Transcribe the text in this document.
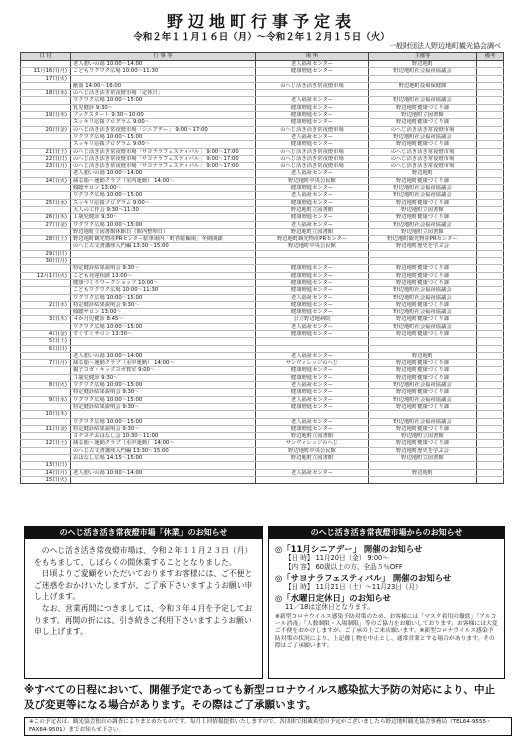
野辺地町行事予定表
令和２年１１月１６日（月）～令和２年１２月１５日（火）
一般財団法人野辺地町観光協会調べ
日 付	行 事 等	場 所	主催等	備考
	老人憩いの湯 10:00～14:00	老人福祉センター	野辺地町	
11月16日(月)	こどもワクワク広場 10:00～11:30	健康増進センター	野辺地町社会福祉協議会	
17日(火)				
	献血 14:00～16:00	のへじ活き活き常夜燈市場	野辺地町役場保健課	
18日(水)	のへじ活き活き常夜燈市場「定休日」			
	ワクワク広場 10:00～15:00	老人福祉センター	野辺地町社会福祉協議会	
	乳児健診 9:30～	健康増進センター	野辺地町健康づくり課	
19日(木)	ブックスタート 9:30～10:00	健康増進センター	野辺地町立図書館	
	スッキリ応援プログラム 9:00～	健康増進センター	野辺地町健康づくり課	
20日(金)	のへじ活き活き常夜燈市場「シニアデー」 9:00～17:00	のへじ活き活き常夜燈市場	のへじ活き活き常夜燈市場	
	ワクワク広場 10:00～15:00	老人福祉センター	野辺地町社会福祉協議会	
	スッキリ応援プログラム 9:00～	健康増進センター	野辺地町健康づくり課	
21日(土)	のへじ活き活き常夜燈市場「サヨナラフェスティバル」 9:00～17:00	のへじ活き活き常夜燈市場	のへじ活き活き常夜燈市場	
22日(日)	のへじ活き活き常夜燈市場「サヨナラフェスティバル」 9:00～17:00	のへじ活き活き常夜燈市場	のへじ活き活き常夜燈市場	
23日(月)	のへじ活き活き常夜燈市場「サヨナラフェスティバル」 9:00～17:00	のへじ活き活き常夜燈市場	のへじ活き活き常夜燈市場	
	老人憩いの湯 10:00～14:00	老人福祉センター	野辺地町	
24日(火)	減る脂～運動クラブ（室内運動） 14:00～	野辺地町中央公民館	野辺地町健康づくり課	
	傾聴サロン 13:00～	健康増進センター	野辺地町社会福祉協議会	
	ワクワク広場 10:00～15:00	老人福祉センター	野辺地町社会福祉協議会	
25日(水)	スッキリ応援プログラム 9:00～	健康増進センター	野辺地町健康づくり課	
	大人の工作会 9:30～11:30	野辺地町立図書館	野辺地町立図書館	
26日(木)	１歳児健診 9:30～	健康増進センター	野辺地町健康づくり課	
27日(金)	ワクワク広場 10:00～15:00	老人福祉センター	野辺地町社会福祉協議会	
	野辺地町立図書館休館日（館内整理日）	野辺地町立図書館	野辺地町立図書館	
28日(土)	野辺地町観光物産PRセンター駐車場内「町営駐輪場」冬期閉鎖	野辺地町観光物産PRセンター	野辺地町観光物産PRセンター	
	のへじ古文書講座入門編 13:30～15:00	野辺地町中央公民館	野辺地町歴史を学ぶ会	
29日(日)				
30日(月)				
	特定健診結果説明会 9:30～	健康増進センター	野辺地町健康づくり課	
12月1日(火)	こども発達相談 13:00～	健康増進センター	野辺地町健康づくり課	
	健康づくりワークショップ 10:00～	健康増進センター	野辺地町健康づくり課	
	こどもワクワク広場 10:00～11:30	健康増進センター	野辺地町社会福祉協議会	
	ワクワク広場 10:00～15:00	老人福祉センター	野辺地町社会福祉協議会	
2日(水)	特定健診結果説明会 9:30～	健康増進センター	野辺地町健康づくり課	
	傾聴サロン 13:00～	健康増進センター	野辺地町社会福祉協議会	
3日(木)	４か月児健診 8:45～	公立野辺地病院	野辺地町健康づくり課	
	ワクワク広場 10:00～15:00	老人福祉センター	野辺地町社会福祉協議会	
4日(金)	すくすくサロン 13:30～	健康増進センター	野辺地町健康づくり課	
5日(土)				
6日(日)				
	老人憩いの湯 10:00～14:00	老人福祉センター	野辺地町	
7日(月)	減る脂～運動クラブ（水中運動） 14:00～	サンヴィレッジのへじ	野辺地町健康づくり課	
	親子ヨガ・キッズヨガ教室 9:00～	健康増進センター	野辺地町健康づくり課	
	３歳児健診 9:30～	健康増進センター	野辺地町健康づくり課	
8日(火)	ワクワク広場 10:00～15:00	老人福祉センター	野辺地町社会福祉協議会	
	特定健診結果説明会 9:30～	健康増進センター	野辺地町健康づくり課	
9日(水)	ワクワク広場 10:00～15:00	老人福祉センター	野辺地町社会福祉協議会	
	特定健診結果説明会 9:30～	健康増進センター	野辺地町健康づくり課	
10日(木)				
	ワクワク広場 10:00～15:00	老人福祉センター	野辺地町社会福祉協議会	
11日(金)	特定健診結果説明会 9:30～	健康増進センター	野辺地町健康づくり課	
	ヨチヨチおはなし会 10:30～11:00	野辺地町立図書館	野辺地町立図書館	
12日(土)	減る脂～運動クラブ（水中運動） 14:00～	サンヴィレッジのへじ	野辺地町健康づくり課	
	のへじ古文書講座入門編 13:30～15:00	野辺地町中央公民館	野辺地町歴史を学ぶ会	
	おはなし広場 14:15～15:00	野辺地町立図書館	野辺地町立図書館	
13日(日)				
14日(月)	老人憩いの湯 10:00～14:00	老人福祉センター	野辺地町	
15日(火)				
のへじ活き活き常夜燈市場「休業」のお知らせ

のへじ活き活き常夜燈市場は、令和２年１１月２３日（月）をもちまして、しばらくの間休業することとなりました。

日頃よりご愛顧をいただいておりますお客様には、ご不便とご迷惑をおかけいたしますが、ご了承下さいますようお願い申し上げます。

なお、営業再開につきましては、令和３年４月を予定しております。再開の折には、引き続きご利用下さいますようお願い申し上げます。

のへじ活き活き常夜燈市場からのお知らせ
◎「11月シニアデー」 開催のお知らせ
【日 時】 11月20日（金） 9:00～
【内 容】 60歳以上の方、全品５％OFF
◎「サヨナラフェスティバル」 開催のお知らせ
【日 時】 11月21日（土）～11月23日（月）
◎「水曜日定休日」のお知らせ
11／18は定休日となります。
※新型コロナウイルス感染予防対策のため、お客様には「マスク着用の徹底」「アルコール消毒」「人数制限・入場制限」等のご協力をお願いしております。お客様には大変ご不便をおかけしますが、ご了承の上ご来店願います。※新型コロナウイルス感染予防対策の状況により、上記催し物を中止とし、通常営業とする場合があります。その際はご了承願います。
※すべての日程において、開催予定であっても新型コロナウイルス感染拡大予防の対応により、中止及び変更等になる場合があります。その際はご了承願います。
※この予定表は、観光協会独自の調査によりまとめたものです。毎月１回情報提供いたしますので、各団体で掲載希望の予定がございましたら野辺地町観光協会事務局（TEL64-9555・FAX64-9501）までお知らせ下さい。
